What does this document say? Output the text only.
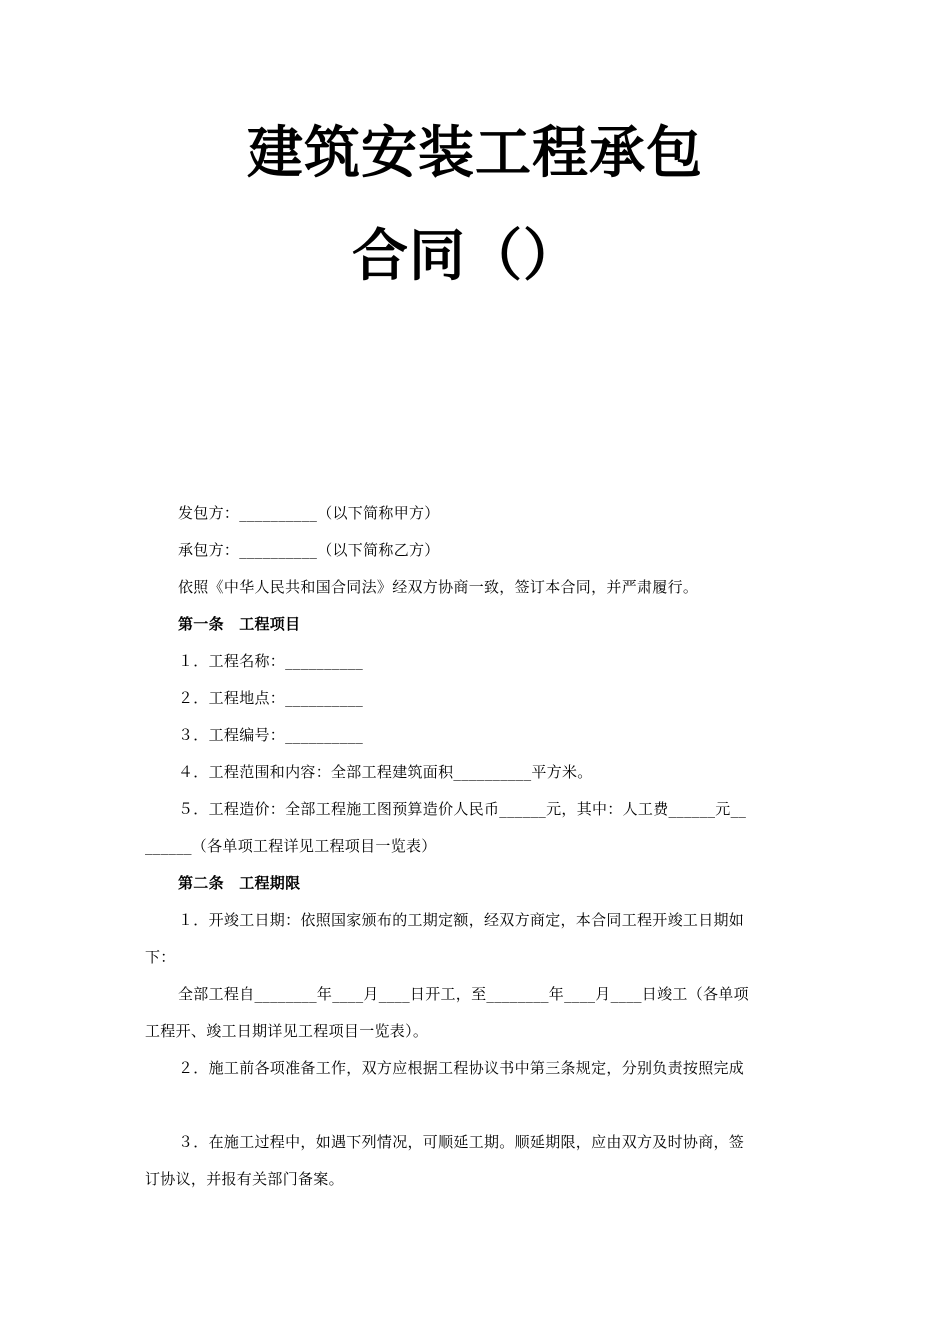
建筑安装工程承包
合同（）
发包方：__________（以下简称甲方）
承包方：__________（以下简称乙方）
依照《中华人民共和国合同法》经双方协商一致，签订本合同，并严肃履行。
第一条　工程项目
１．工程名称：__________
２．工程地点：__________
３．工程编号：__________
４．工程范围和内容：全部工程建筑面积__________平方米。
５．工程造价：全部工程施工图预算造价人民币______元，其中：人工费______元__
______（各单项工程详见工程项目一览表）
第二条　工程期限
１．开竣工日期：依照国家颁布的工期定额，经双方商定，本合同工程开竣工日期如
下：
全部工程自________年____月____日开工，至________年____月____日竣工（各单项
工程开、竣工日期详见工程项目一览表）。
２．施工前各项准备工作，双方应根据工程协议书中第三条规定，分别负责按照完成
３．在施工过程中，如遇下列情况，可顺延工期。顺延期限，应由双方及时协商，签
订协议，并报有关部门备案。
